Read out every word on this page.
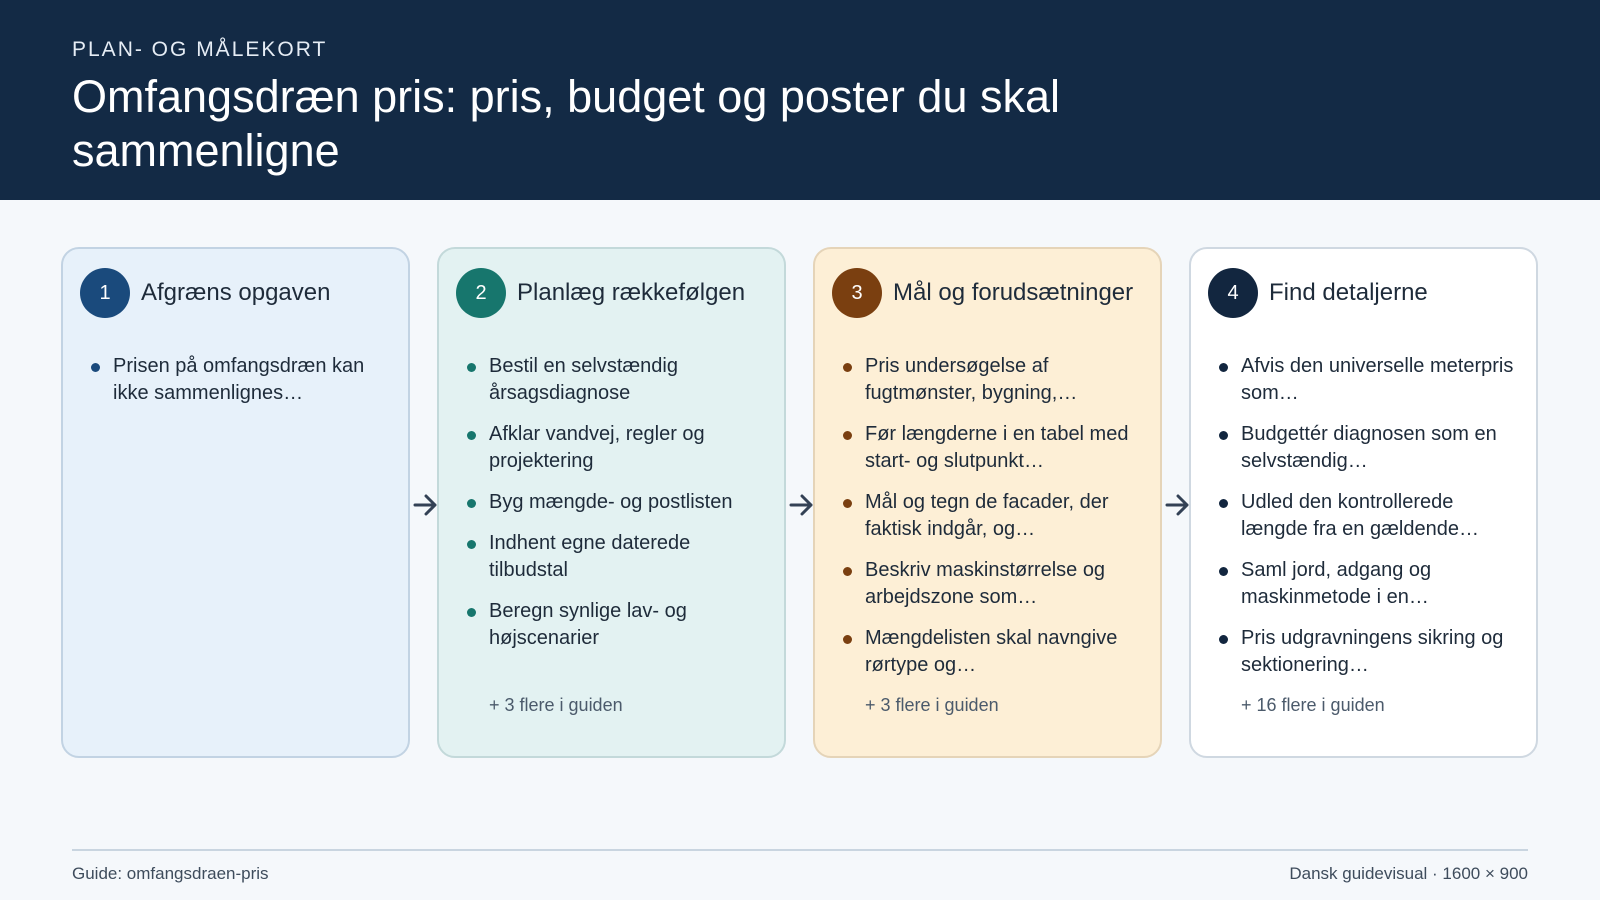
PLAN- OG MÅLEKORT
Omfangsdræn pris: pris, budget og poster du skal sammenligne
1	Afgræns opgaven
Prisen på omfangsdræn kan ikke sammenlignes…
2	Planlæg rækkefølgen
Bestil en selvstændig årsagsdiagnose
Afklar vandvej, regler og projektering
Byg mængde- og postlisten
Indhent egne daterede tilbudstal
Beregn synlige lav- og højscenarier
+ 3 flere i guiden
3	Mål og forudsætninger
Pris undersøgelse af fugtmønster, bygning,…
Før længderne i en tabel med start- og slutpunkt…
Mål og tegn de facader, der faktisk indgår, og…
Beskriv maskinstørrelse og arbejdszone som…
Mængdelisten skal navngive rørtype og…
+ 3 flere i guiden
4	Find detaljerne
Afvis den universelle meterpris som…
Budgettér diagnosen som en selvstændig…
Udled den kontrollerede længde fra en gældende…
Saml jord, adgang og maskinmetode i en…
Pris udgravningens sikring og sektionering…
+ 16 flere i guiden
Guide: omfangsdraen-pris	Dansk guidevisual · 1600 × 900
